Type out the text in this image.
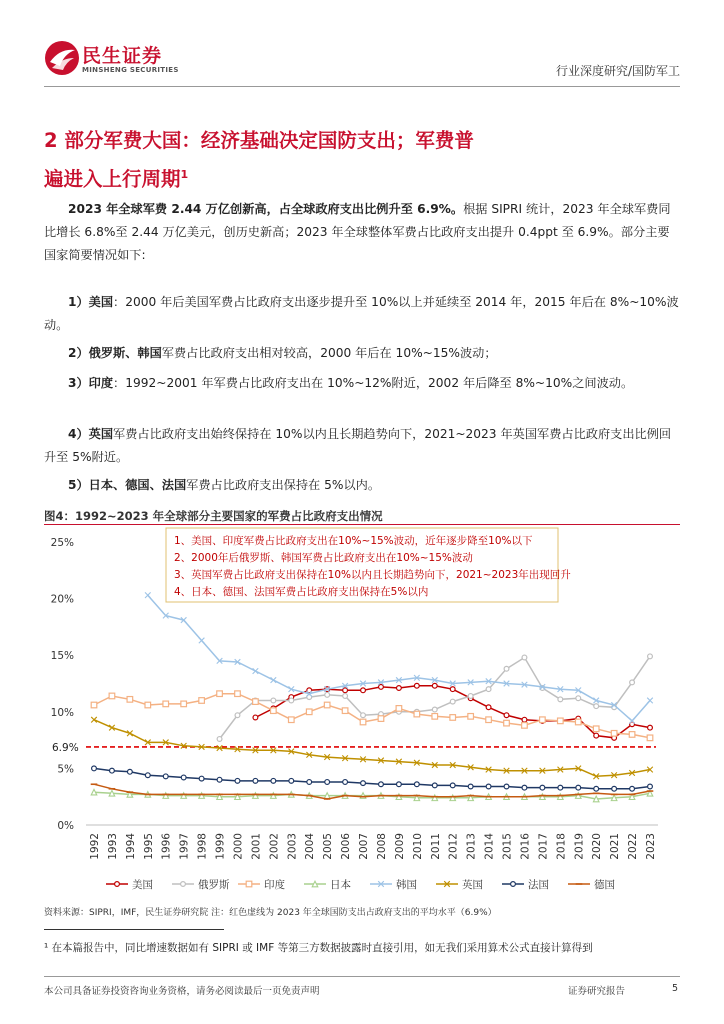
民生证券
MINSHENG SECURITIES	行业深度研究/国防军工
2 部分军费大国：经济基础决定国防支出；军费普遍进入上行周期$^1$
2023 年全球军费 2.44 万亿创新高，占全球政府支出比例升至 6.9%。根据 SIPRI 统计，2023 年全球军费同比增长 6.8%至 2.44 万亿美元，创历史新高；2023 年全球整体军费占比政府支出提升 0.4ppt 至 6.9%。部分主要国家简要情况如下:
1）美国：2000 年后美国军费占比政府支出逐步提升至 10%以上并延续至 2014 年，2015 年后在 8%~10%波动。
2）俄罗斯、韩国军费占比政府支出相对较高，2000 年后在 10%~15%波动；
3）印度：1992~2001 年军费占比政府支出在 10%~12%附近，2002 年后降至 8%~10%之间波动。
4）英国军费占比政府支出始终保持在 10%以内且长期趋势向下，2021~2023 年英国军费占比政府支出比例回升至 5%附近。
5）日本、德国、法国军费占比政府支出保持在 5%以内。
图4：1992~2023 年全球部分主要国家的军费占比政府支出情况
0%
5%
10%
15%
20%
25%
1992 1993 1994 1995 1996 1997 1998 1999 2000 2001 2002 2003 2004 2005 2006 2007 2008 2009 2010 2011 2012 2013 2014 2015 2016 2017 2018 2019 2020 2021 2022 2023
6.9%
1、美国、印度军费占比政府支出在10%~15%波动，近年逐步降至10%以下
2、2000年后俄罗斯、韩国军费占比政府支出在10%~15%波动
3、英国军费占比政府支出保持在10%以内且长期趋势向下，2021~2023年出现回升
4、日本、德国、法国军费占比政府支出保持在5%以内
美国	俄罗斯	印度	日本	韩国	英国	法国	德国
资料来源：SIPRI，IMF，民生证券研究院 注：红色虚线为 2023 年全球国防支出占政府支出的平均水平（6.9%）
¹ 在本篇报告中，同比增速数据如有 SIPRI 或 IMF 等第三方数据披露时直接引用，如无我们采用算术公式直接计算得到
本公司具备证券投资咨询业务资格，请务必阅读最后一页免责声明	证券研究报告	5
